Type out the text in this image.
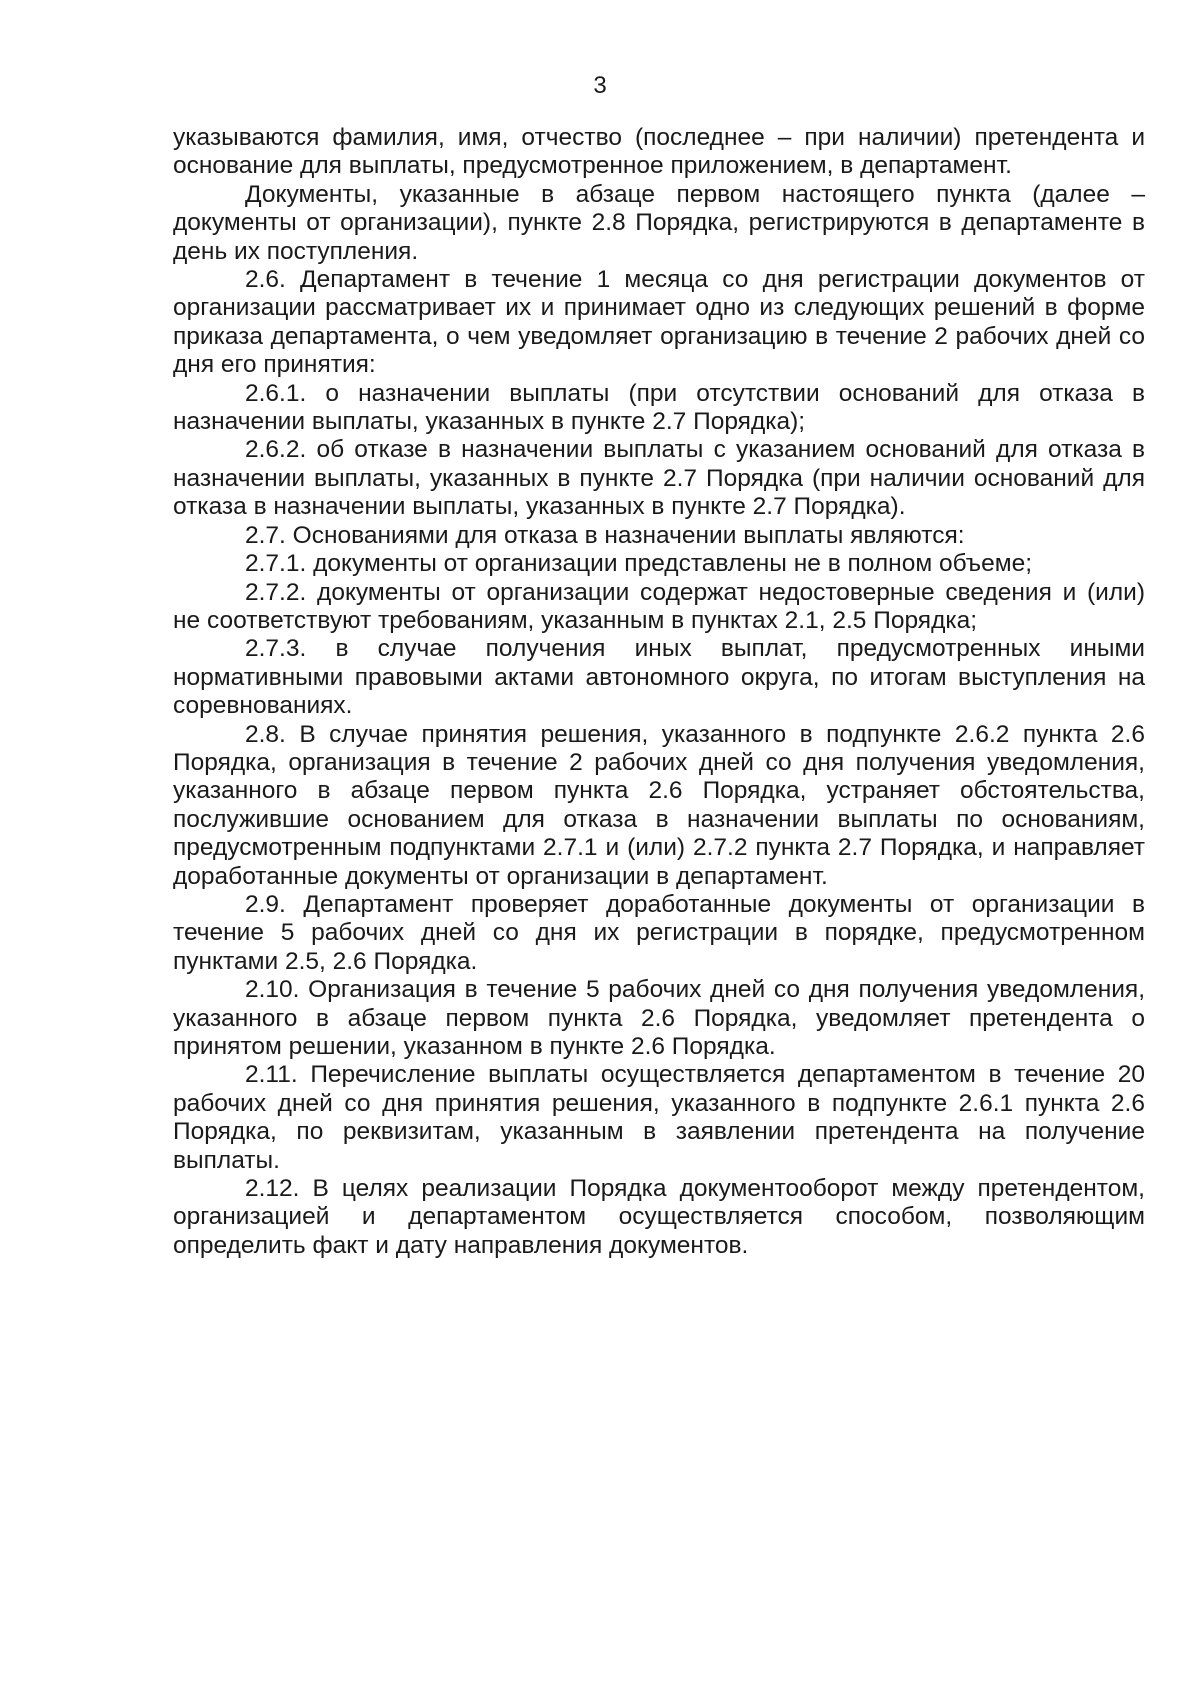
3

указываются фамилия, имя, отчество (последнее – при наличии) претендента и основание для выплаты, предусмотренное приложением, в департамент.

Документы, указанные в абзаце первом настоящего пункта (далее – документы от организации), пункте 2.8 Порядка, регистрируются в департаменте в день их поступления.

2.6. Департамент в течение 1 месяца со дня регистрации документов от организации рассматривает их и принимает одно из следующих решений в форме приказа департамента, о чем уведомляет организацию в течение 2 рабочих дней со дня его принятия:

2.6.1. о назначении выплаты (при отсутствии оснований для отказа в назначении выплаты, указанных в пункте 2.7 Порядка);

2.6.2. об отказе в назначении выплаты с указанием оснований для отказа в назначении выплаты, указанных в пункте 2.7 Порядка (при наличии оснований для отказа в назначении выплаты, указанных в пункте 2.7 Порядка).

2.7. Основаниями для отказа в назначении выплаты являются:

2.7.1. документы от организации представлены не в полном объеме;

2.7.2. документы от организации содержат недостоверные сведения и (или) не соответствуют требованиям, указанным в пунктах 2.1, 2.5 Порядка;

2.7.3. в случае получения иных выплат, предусмотренных иными нормативными правовыми актами автономного округа, по итогам выступления на соревнованиях.

2.8. В случае принятия решения, указанного в подпункте 2.6.2 пункта 2.6 Порядка, организация в течение 2 рабочих дней со дня получения уведомления, указанного в абзаце первом пункта 2.6 Порядка, устраняет обстоятельства, послужившие основанием для отказа в назначении выплаты по основаниям, предусмотренным подпунктами 2.7.1 и (или) 2.7.2 пункта 2.7 Порядка, и направляет доработанные документы от организации в департамент.

2.9. Департамент проверяет доработанные документы от организации в течение 5 рабочих дней со дня их регистрации в порядке, предусмотренном пунктами 2.5, 2.6 Порядка.

2.10. Организация в течение 5 рабочих дней со дня получения уведомления, указанного в абзаце первом пункта 2.6 Порядка, уведомляет претендента о принятом решении, указанном в пункте 2.6 Порядка.

2.11. Перечисление выплаты осуществляется департаментом в течение 20 рабочих дней со дня принятия решения, указанного в подпункте 2.6.1 пункта 2.6 Порядка, по реквизитам, указанным в заявлении претендента на получение выплаты.

2.12. В целях реализации Порядка документооборот между претендентом, организацией и департаментом осуществляется способом, позволяющим определить факт и дату направления документов.
